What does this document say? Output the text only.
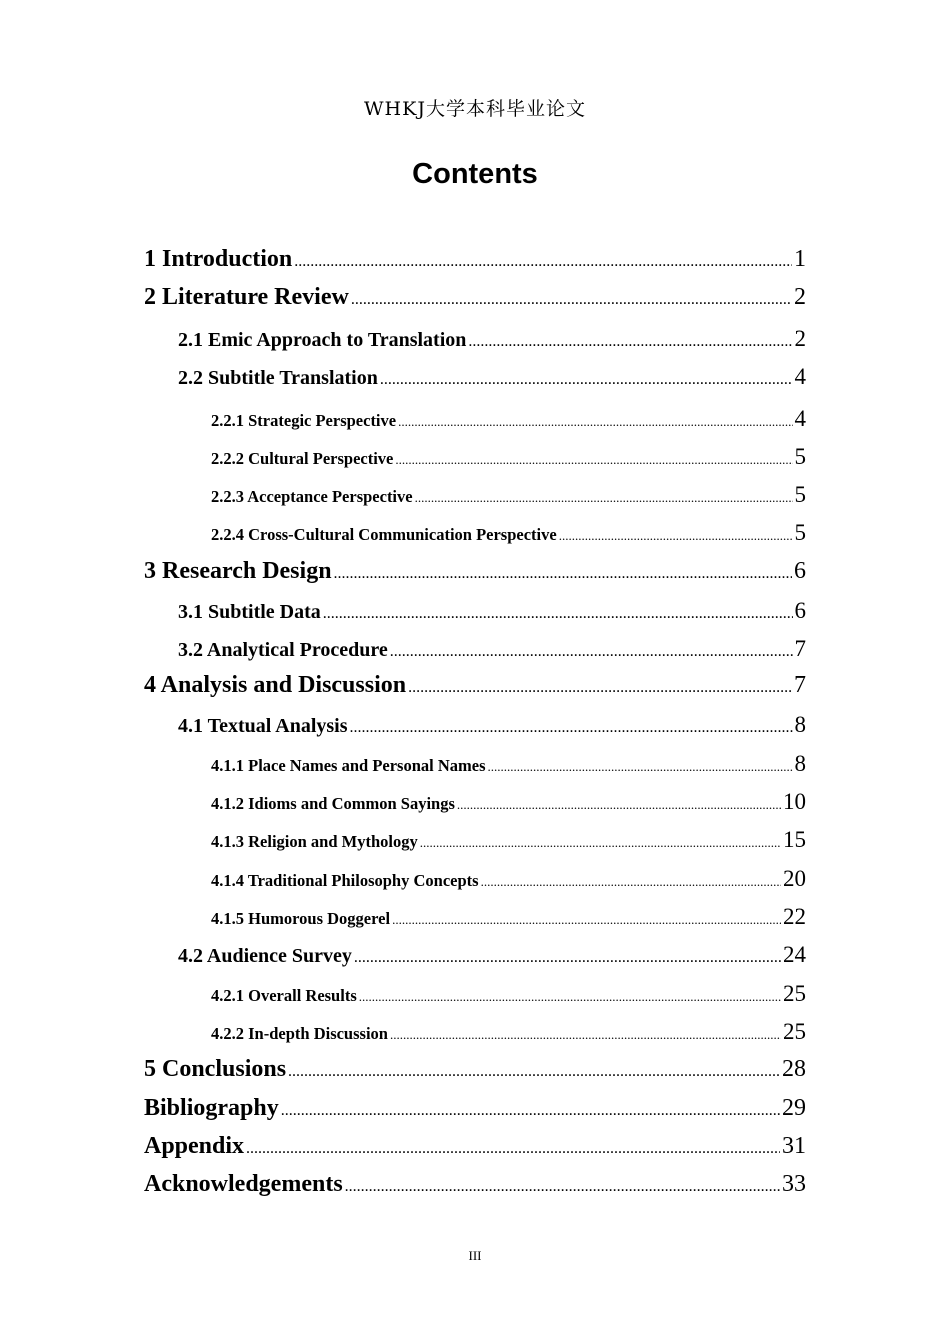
WHKJ大学本科毕业论文
Contents
1 Introduction .....	1
2 Literature Review .....	2
2.1 Emic Approach to Translation .....	2
2.2 Subtitle Translation .....	4
2.2.1 Strategic Perspective .....	4
2.2.2 Cultural Perspective .....	5
2.2.3 Acceptance Perspective .....	5
2.2.4 Cross-Cultural Communication Perspective .....	5
3 Research Design .....	6
3.1 Subtitle Data .....	6
3.2 Analytical Procedure .....	7
4 Analysis and Discussion .....	7
4.1 Textual Analysis .....	8
4.1.1 Place Names and Personal Names .....	8
4.1.2 Idioms and Common Sayings .....	10
4.1.3 Religion and Mythology .....	15
4.1.4 Traditional Philosophy Concepts .....	20
4.1.5 Humorous Doggerel .....	22
4.2 Audience Survey .....	24
4.2.1 Overall Results .....	25
4.2.2 In-depth Discussion .....	25
5 Conclusions .....	28
Bibliography .....	29
Appendix .....	31
Acknowledgements .....	33
III
